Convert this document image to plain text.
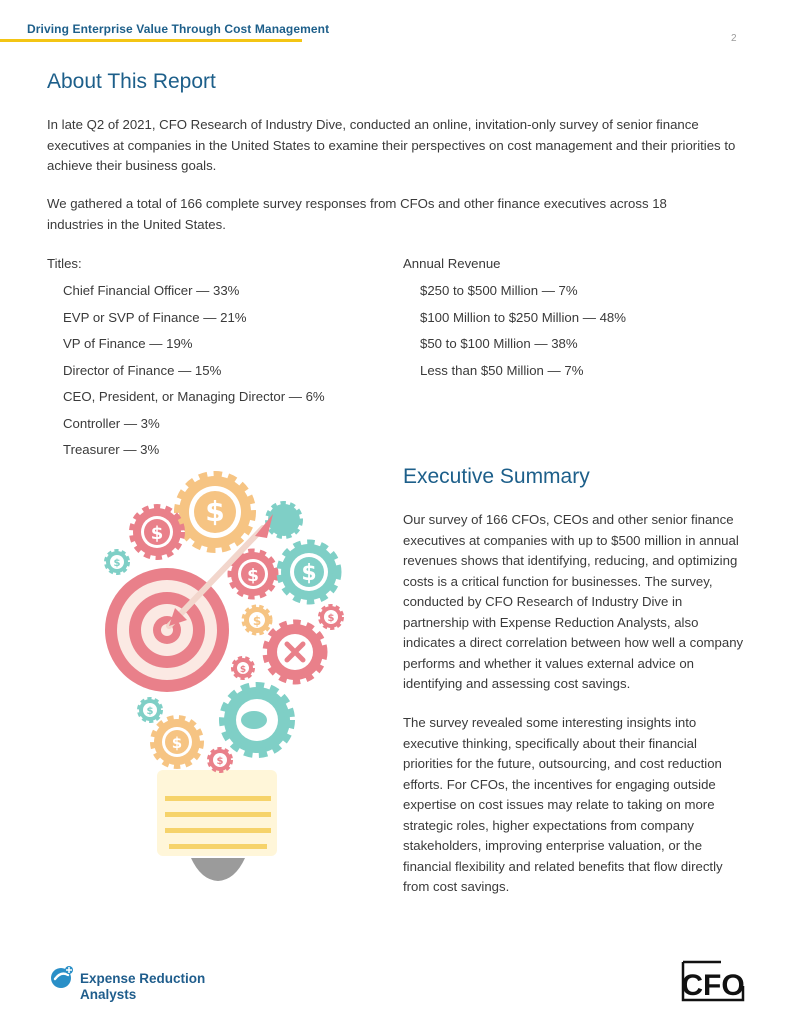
Driving Enterprise Value Through Cost Management
2
About This Report

In late Q2 of 2021, CFO Research of Industry Dive, conducted an online, invitation-only survey of senior finance executives at companies in the United States to examine their perspectives on cost management and their priorities to achieve their business goals.

We gathered a total of 166 complete survey responses from CFOs and other finance executives across 18 industries in the United States.

Titles:
Chief Financial Officer — 33%
EVP or SVP of Finance — 21%
VP of Finance — 19%
Director of Finance — 15%
CEO, President, or Managing Director — 6%
Controller — 3%
Treasurer — 3%
Annual Revenue
$250 to $500 Million — 7%
$100 Million to $250 Million — 48%
$50 to $100 Million — 38%
Less than $50 Million — 7%
Executive Summary

Our survey of 166 CFOs, CEOs and other senior finance executives at companies with up to $500 million in annual revenues shows that identifying, reducing, and optimizing costs is a critical function for businesses. The survey, conducted by CFO Research of Industry Dive in partnership with Expense Reduction Analysts, also indicates a direct correlation between how well a company performs and whether it values external advice on identifying and assessing cost savings.

The survey revealed some interesting insights into executive thinking, specifically about their financial priorities for the future, outsourcing, and cost reduction efforts. For CFOs, the incentives for engaging outside expertise on cost issues may relate to taking on more strategic roles, higher expectations from company stakeholders, improving enterprise valuation, or the financial flexibility and related benefits that flow directly from cost savings.

$
$
$
$ $
$	$
$
$
$
$
Expense Reduction
Analysts	CFO
